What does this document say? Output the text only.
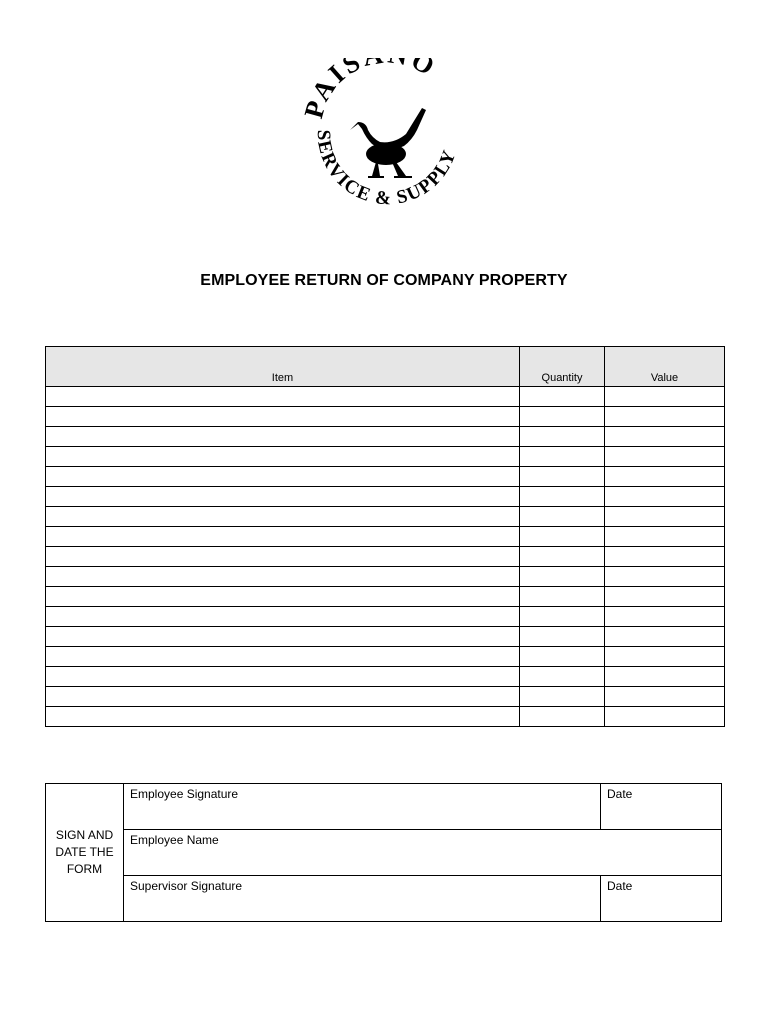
PAIS O
SERVICE & SUPPLY
EMPLOYEE RETURN OF COMPANY PROPERTY
Item	Quantity	Value

SIGN AND
DATE THE
FORM	Employee Signature	Date
	Employee Name	
	Supervisor Signature	Date
